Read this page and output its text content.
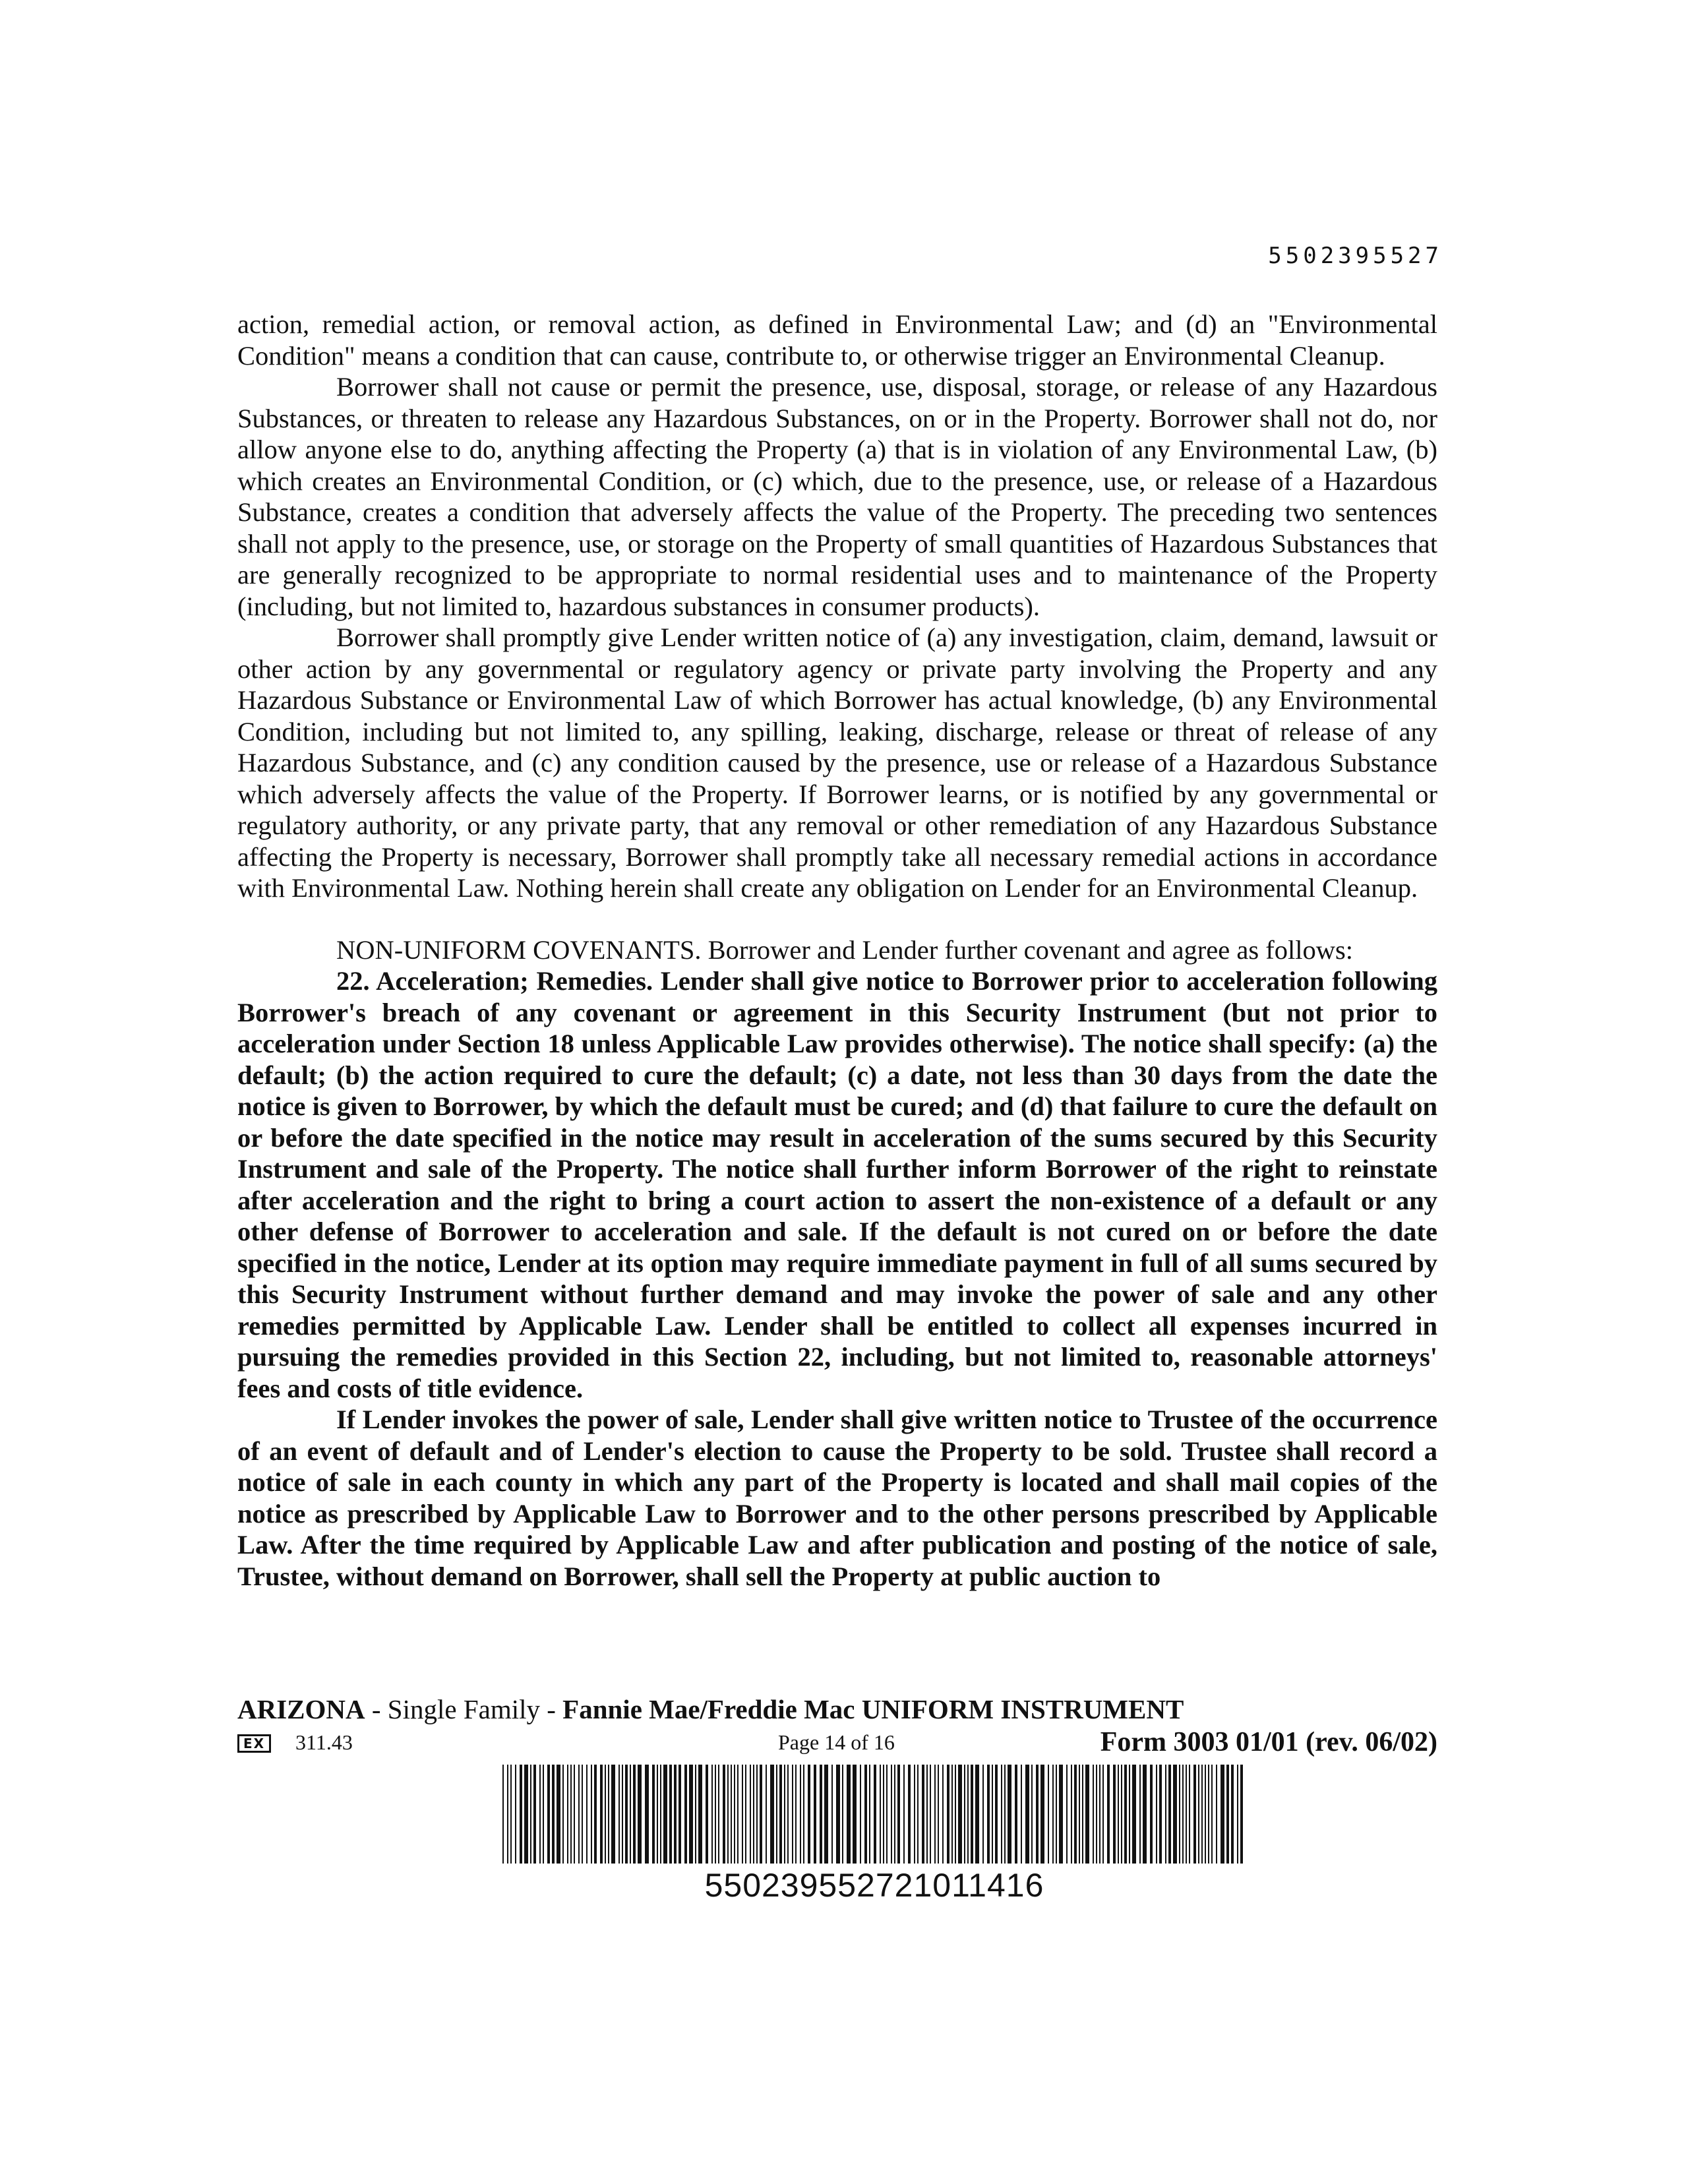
5502395527

action, remedial action, or removal action, as defined in Environmental Law; and (d) an "Environmental Condition" means a condition that can cause, contribute to, or otherwise trigger an Environmental Cleanup.

Borrower shall not cause or permit the presence, use, disposal, storage, or release of any Hazardous Substances, or threaten to release any Hazardous Substances, on or in the Property. Borrower shall not do, nor allow anyone else to do, anything affecting the Property (a) that is in violation of any Environmental Law, (b) which creates an Environmental Condition, or (c) which, due to the presence, use, or release of a Hazardous Substance, creates a condition that adversely affects the value of the Property. The preceding two sentences shall not apply to the presence, use, or storage on the Property of small quantities of Hazardous Substances that are generally recognized to be appropriate to normal residential uses and to maintenance of the Property (including, but not limited to, hazardous substances in consumer products).

Borrower shall promptly give Lender written notice of (a) any investigation, claim, demand, lawsuit or other action by any governmental or regulatory agency or private party involving the Property and any Hazardous Substance or Environmental Law of which Borrower has actual knowledge, (b) any Environmental Condition, including but not limited to, any spilling, leaking, discharge, release or threat of release of any Hazardous Substance, and (c) any condition caused by the presence, use or release of a Hazardous Substance which adversely affects the value of the Property. If Borrower learns, or is notified by any governmental or regulatory authority, or any private party, that any removal or other remediation of any Hazardous Substance affecting the Property is necessary, Borrower shall promptly take all necessary remedial actions in accordance with Environmental Law. Nothing herein shall create any obligation on Lender for an Environmental Cleanup.

NON-UNIFORM COVENANTS. Borrower and Lender further covenant and agree as follows:

22. Acceleration; Remedies. Lender shall give notice to Borrower prior to acceleration following Borrower's breach of any covenant or agreement in this Security Instrument (but not prior to acceleration under Section 18 unless Applicable Law provides otherwise). The notice shall specify: (a) the default; (b) the action required to cure the default; (c) a date, not less than 30 days from the date the notice is given to Borrower, by which the default must be cured; and (d) that failure to cure the default on or before the date specified in the notice may result in acceleration of the sums secured by this Security Instrument and sale of the Property. The notice shall further inform Borrower of the right to reinstate after acceleration and the right to bring a court action to assert the non-existence of a default or any other defense of Borrower to acceleration and sale. If the default is not cured on or before the date specified in the notice, Lender at its option may require immediate payment in full of all sums secured by this Security Instrument without further demand and may invoke the power of sale and any other remedies permitted by Applicable Law. Lender shall be entitled to collect all expenses incurred in pursuing the remedies provided in this Section 22, including, but not limited to, reasonable attorneys' fees and costs of title evidence.

If Lender invokes the power of sale, Lender shall give written notice to Trustee of the occurrence of an event of default and of Lender's election to cause the Property to be sold. Trustee shall record a notice of sale in each county in which any part of the Property is located and shall mail copies of the notice as prescribed by Applicable Law to Borrower and to the other persons prescribed by Applicable Law. After the time required by Applicable Law and after publication and posting of the notice of sale, Trustee, without demand on Borrower, shall sell the Property at public auction to

ARIZONA - Single Family - Fannie Mae/Freddie Mac UNIFORM INSTRUMENT
EX 311.43	Page 14 of 16	Form 3003 01/01 (rev. 06/02)
55023955272101141​6
